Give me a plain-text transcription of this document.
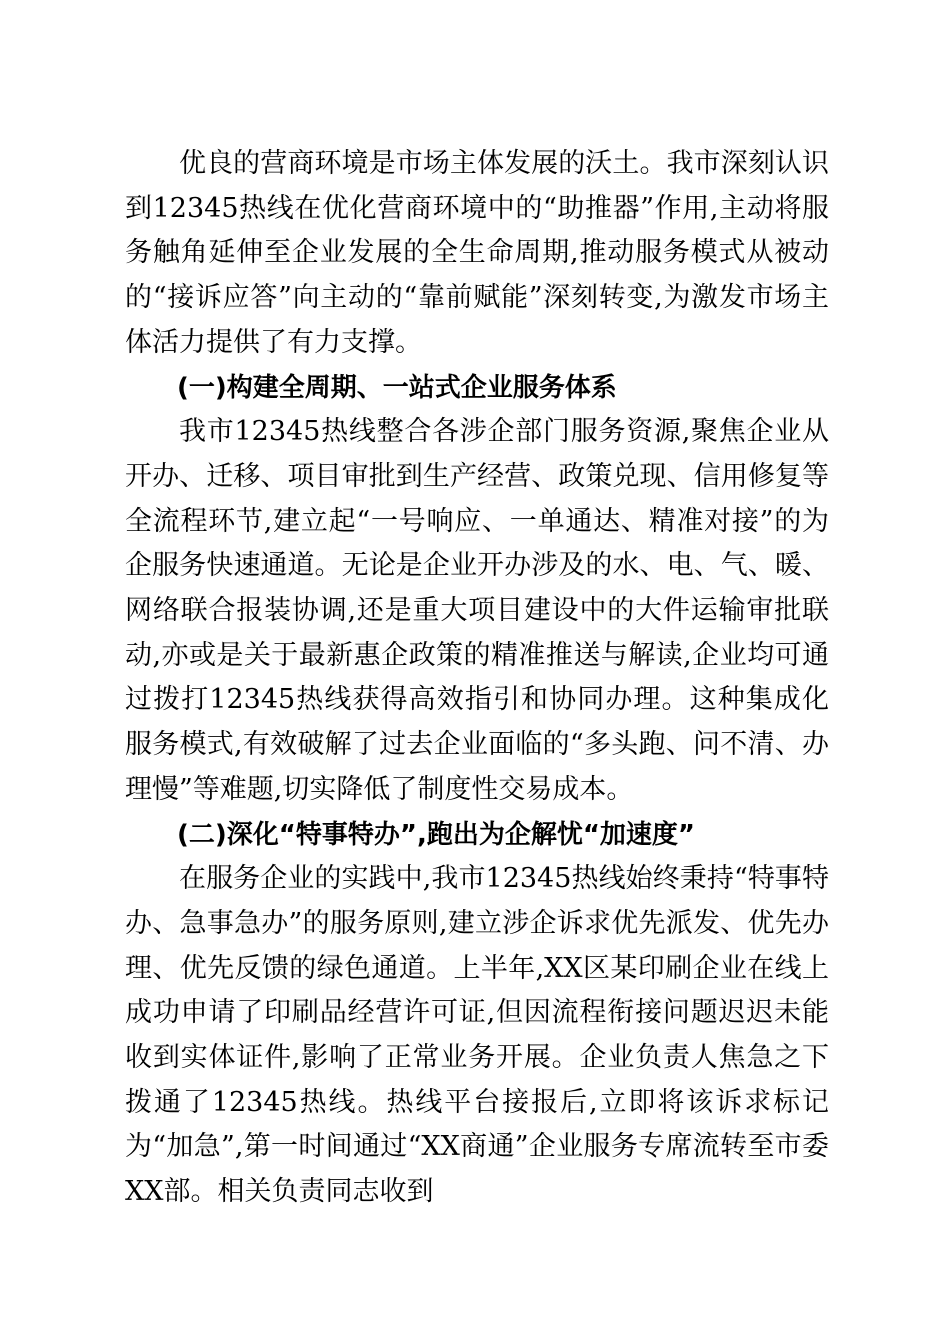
优良的营商环境是市场主体发展的沃土。我市深刻认识到12345热线在优化营商环境中的“助推器”作用,主动将服务触角延伸至企业发展的全生命周期,推动服务模式从被动的“接诉应答”向主动的“靠前赋能”深刻转变,为激发市场主体活力提供了有力支撑。

(一)构建全周期、一站式企业服务体系

我市12345热线整合各涉企部门服务资源,聚焦企业从开办、迁移、项目审批到生产经营、政策兑现、信用修复等全流程环节,建立起“一号响应、一单通达、精准对接”的为企服务快速通道。无论是企业开办涉及的水、电、气、暖、网络联合报装协调,还是重大项目建设中的大件运输审批联动,亦或是关于最新惠企政策的精准推送与解读,企业均可通过拨打12345热线获得高效指引和协同办理。这种集成化服务模式,有效破解了过去企业面临的“多头跑、问不清、办理慢”等难题,切实降低了制度性交易成本。

(二)深化“特事特办”,跑出为企解忧“加速度”

在服务企业的实践中,我市12345热线始终秉持“特事特办、急事急办”的服务原则,建立涉企诉求优先派发、优先办理、优先反馈的绿色通道。上半年,XX区某印刷企业在线上成功申请了印刷品经营许可证,但因流程衔接问题迟迟未能收到实体证件,影响了正常业务开展。企业负责人焦急之下拨通了12345热线。热线平台接报后,立即将该诉求标记为“加急”,第一时间通过“XX商通”企业服务专席流转至市委XX部。相关负责同志收到
